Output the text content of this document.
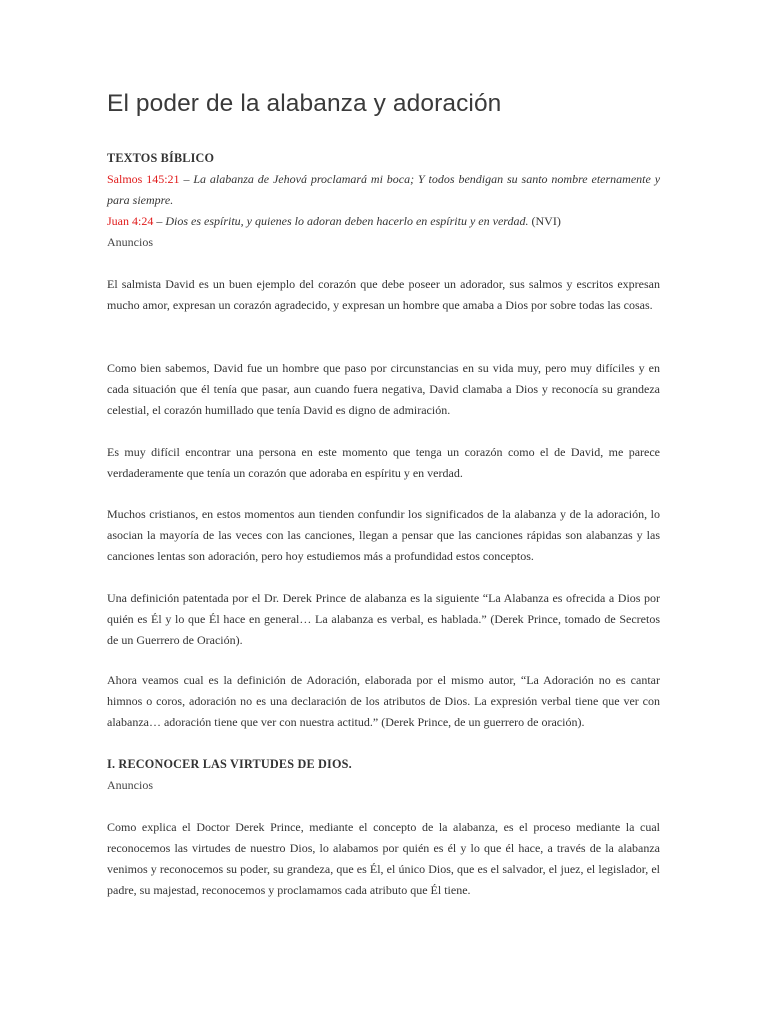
El poder de la alabanza y adoración

TEXTOS BÍBLICO

Salmos 145:21 – La alabanza de Jehová proclamará mi boca; Y todos bendigan su santo nombre eternamente y para siempre.

Juan 4:24 – Dios es espíritu, y quienes lo adoran deben hacerlo en espíritu y en verdad. (NVI)

Anuncios

El salmista David es un buen ejemplo del corazón que debe poseer un adorador, sus salmos y escritos expresan mucho amor, expresan un corazón agradecido, y expresan un hombre que amaba a Dios por sobre todas las cosas.

Como bien sabemos, David fue un hombre que paso por circunstancias en su vida muy, pero muy difíciles y en cada situación que él tenía que pasar, aun cuando fuera negativa, David clamaba a Dios y reconocía su grandeza celestial, el corazón humillado que tenía David es digno de admiración.

Es muy difícil encontrar una persona en este momento que tenga un corazón como el de David, me parece verdaderamente que tenía un corazón que adoraba en espíritu y en verdad.

Muchos cristianos, en estos momentos aun tienden confundir los significados de la alabanza y de la adoración, lo asocian la mayoría de las veces con las canciones, llegan a pensar que las canciones rápidas son alabanzas y las canciones lentas son adoración, pero hoy estudiemos más a profundidad estos conceptos.

Una definición patentada por el Dr. Derek Prince de alabanza es la siguiente “La Alabanza es ofrecida a Dios por quién es Él y lo que Él hace en general… La alabanza es verbal, es hablada.” (Derek Prince, tomado de Secretos de un Guerrero de Oración).

Ahora veamos cual es la definición de Adoración, elaborada por el mismo autor, “La Adoración no es cantar himnos o coros, adoración no es una declaración de los atributos de Dios. La expresión verbal tiene que ver con alabanza… adoración tiene que ver con nuestra actitud.” (Derek Prince, de un guerrero de oración).

I. RECONOCER LAS VIRTUDES DE DIOS.

Anuncios

Como explica el Doctor Derek Prince, mediante el concepto de la alabanza, es el proceso mediante la cual reconocemos las virtudes de nuestro Dios, lo alabamos por quién es él y lo que él hace, a través de la alabanza venimos y reconocemos su poder, su grandeza, que es Él, el único Dios, que es el salvador, el juez, el legislador, el padre, su majestad, reconocemos y proclamamos cada atributo que Él tiene.
